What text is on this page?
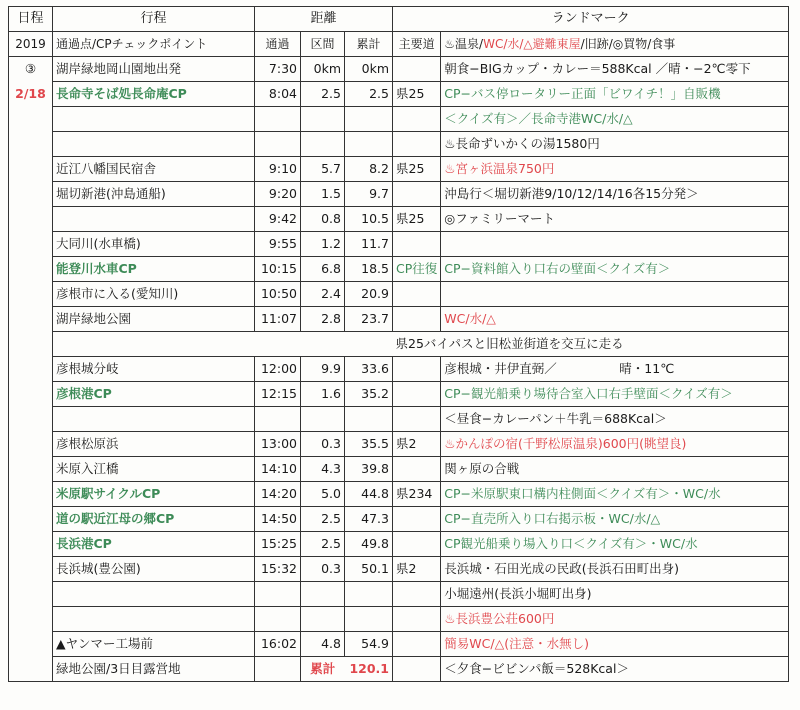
日程	行程	距離			ランドマーク	
2019	通過点/CPチェックポイント	通過	区間	累計	主要道	♨温泉/WC/水/△避難東屋/旧跡/◎買物/食事
③	湖岸緑地岡山園地出発	7:30	0km	0km		朝食−BIGカップ・カレー＝588Kcal ／晴・−2℃零下
2/18	長命寺そば処長命庵CP	8:04	2.5	2.5	県25	CP−バス停ロータリー正面「ビワイチ！」自販機
						＜クイズ有＞／長命寺港WC/水/△
						♨長命ずいかくの湯1580円
	近江八幡国民宿舎	9:10	5.7	8.2	県25	♨宮ヶ浜温泉750円
	堀切新港(沖島通船)	9:20	1.5	9.7		沖島行＜堀切新港9/10/12/14/16各15分発＞
		9:42	0.8	10.5	県25	◎ファミリーマート
	大同川(水車橋)	9:55	1.2	11.7		
	能登川水車CP	10:15	6.8	18.5	CP往復	CP−資料館入り口右の壁面＜クイズ有＞
	彦根市に入る(愛知川)	10:50	2.4	20.9		
	湖岸緑地公園	11:07	2.8	23.7		WC/水/△
					県25バイパスと旧松並街道を交互に走る	
	彦根城分岐	12:00	9.9	33.6		彦根城・井伊直弼／　　　　　晴・11℃
	彦根港CP	12:15	1.6	35.2		CP−観光船乗り場待合室入口右手壁面＜クイズ有＞
						＜昼食−カレーパン＋牛乳＝688Kcal＞
	彦根松原浜	13:00	0.3	35.5	県2	♨かんぽの宿(千野松原温泉)600円(眺望良)
	米原入江橋	14:10	4.3	39.8		関ヶ原の合戦
	米原駅サイクルCP	14:20	5.0	44.8	県234	CP−米原駅東口構内柱側面＜クイズ有＞・WC/水
	道の駅近江母の郷CP	14:50	2.5	47.3		CP−直売所入り口右掲示板・WC/水/△
	長浜港CP	15:25	2.5	49.8		CP観光船乗り場入り口＜クイズ有＞・WC/水
	長浜城(豊公園)	15:32	0.3	50.1	県2	長浜城・石田光成の民政(長浜石田町出身)
						小堀遠州(長浜小堀町出身)
						♨長浜豊公荘600円
	▲ヤンマー工場前	16:02	4.8	54.9		簡易WC/△(注意・水無し)
	緑地公園/3日目露営地		累計	120.1		＜夕食−ビビンパ飯＝528Kcal＞
